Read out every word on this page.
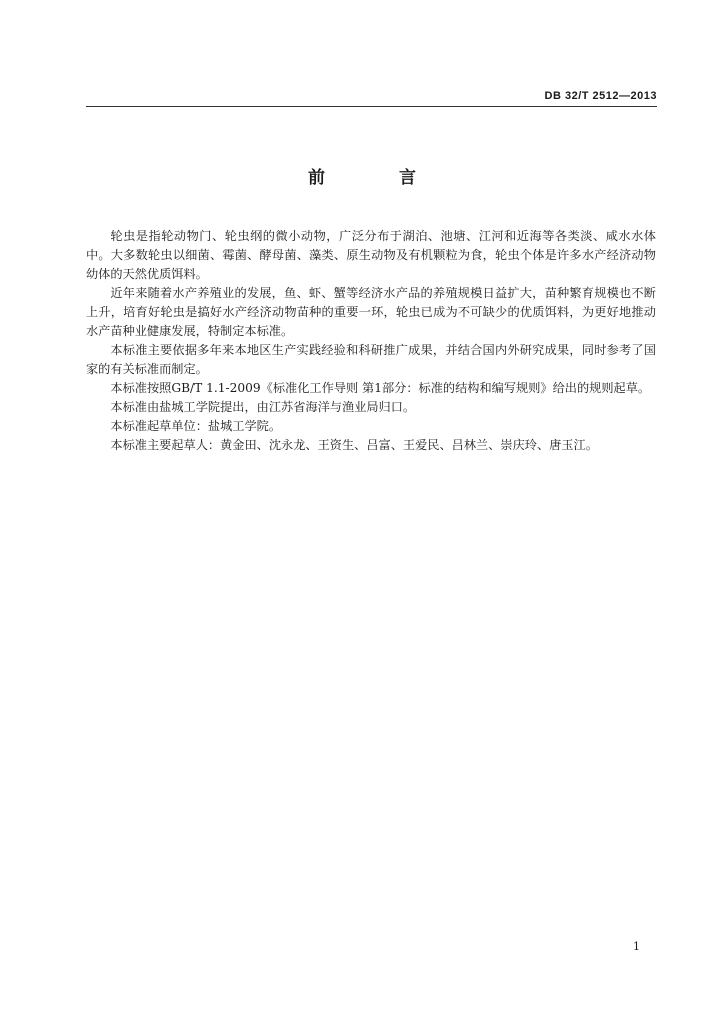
DB 32/T 2512—2013
前 言

轮虫是指轮动物门、轮虫纲的微小动物，广泛分布于湖泊、池塘、江河和近海等各类淡、咸水水体中。大多数轮虫以细菌、霉菌、酵母菌、藻类、原生动物及有机颗粒为食，轮虫个体是许多水产经济动物幼体的天然优质饵料。

近年来随着水产养殖业的发展，鱼、虾、蟹等经济水产品的养殖规模日益扩大，苗种繁育规模也不断上升，培育好轮虫是搞好水产经济动物苗种的重要一环，轮虫已成为不可缺少的优质饵料，为更好地推动水产苗种业健康发展，特制定本标准。

本标准主要依据多年来本地区生产实践经验和科研推广成果，并结合国内外研究成果，同时参考了国家的有关标准而制定。

本标准按照GB/T 1.1-2009《标准化工作导则 第1部分：标准的结构和编写规则》给出的规则起草。

本标准由盐城工学院提出，由江苏省海洋与渔业局归口。

本标准起草单位：盐城工学院。

本标准主要起草人：黄金田、沈永龙、王资生、吕富、王爱民、吕林兰、崇庆玲、唐玉江。

1
